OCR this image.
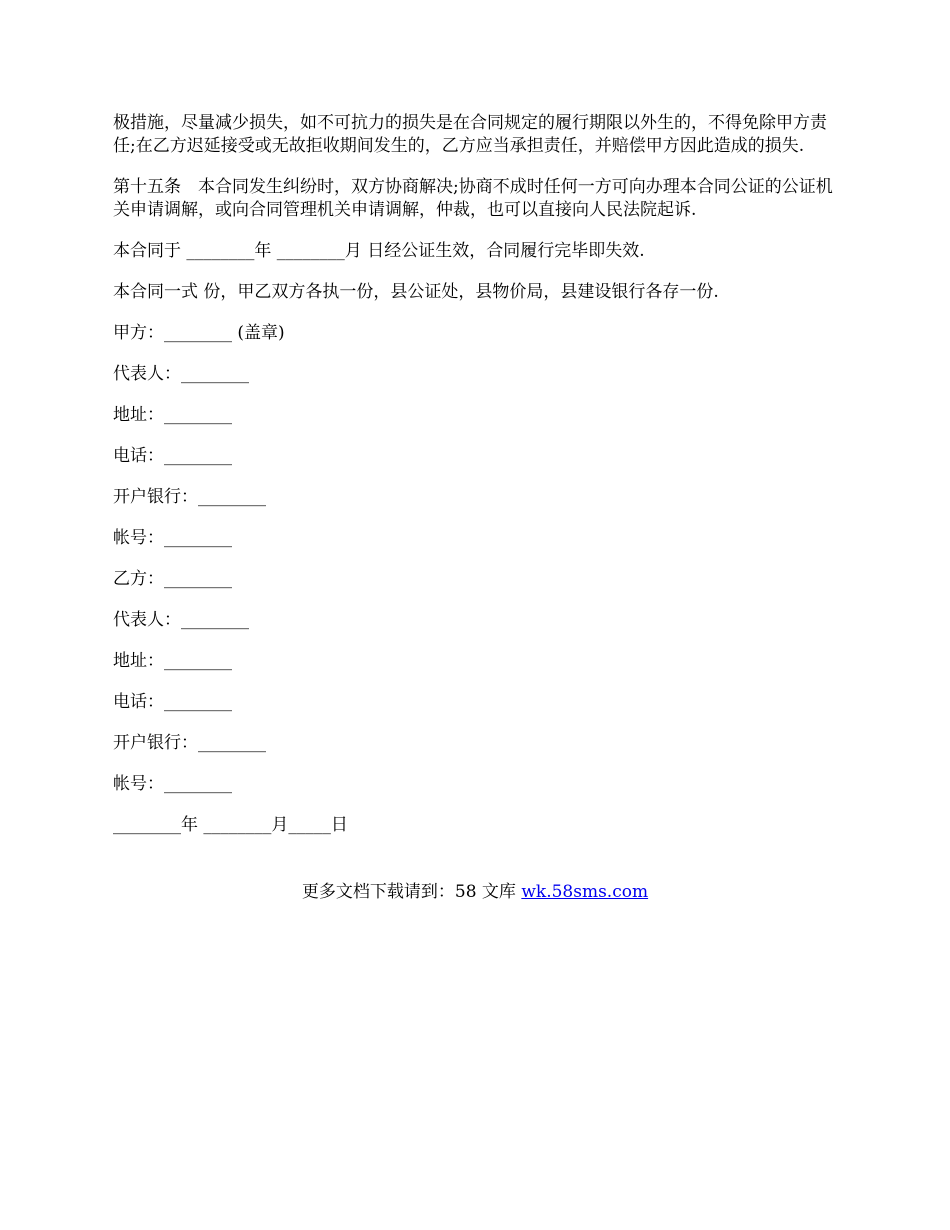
极措施，尽量减少损失，如不可抗力的损失是在合同规定的履行期限以外生的，不得免除甲方责任;在乙方迟延接受或无故拒收期间发生的，乙方应当承担责任，并赔偿甲方因此造成的损失.

第十五条　本合同发生纠纷时，双方协商解决;协商不成时任何一方可向办理本合同公证的公证机关申请调解，或向合同管理机关申请调解，仲裁，也可以直接向人民法院起诉.

本合同于 ________年 ________月 日经公证生效，合同履行完毕即失效.

本合同一式 份，甲乙双方各执一份，县公证处，县物价局，县建设银行各存一份.

甲方：________ (盖章)
代表人：________
地址：________
电话：________
开户银行：________
帐号：________
乙方：________
代表人：________
地址：________
电话：________
开户银行：________
帐号：________
________年 ________月_____日
更多文档下载请到：58 文库 wk.58sms.com
